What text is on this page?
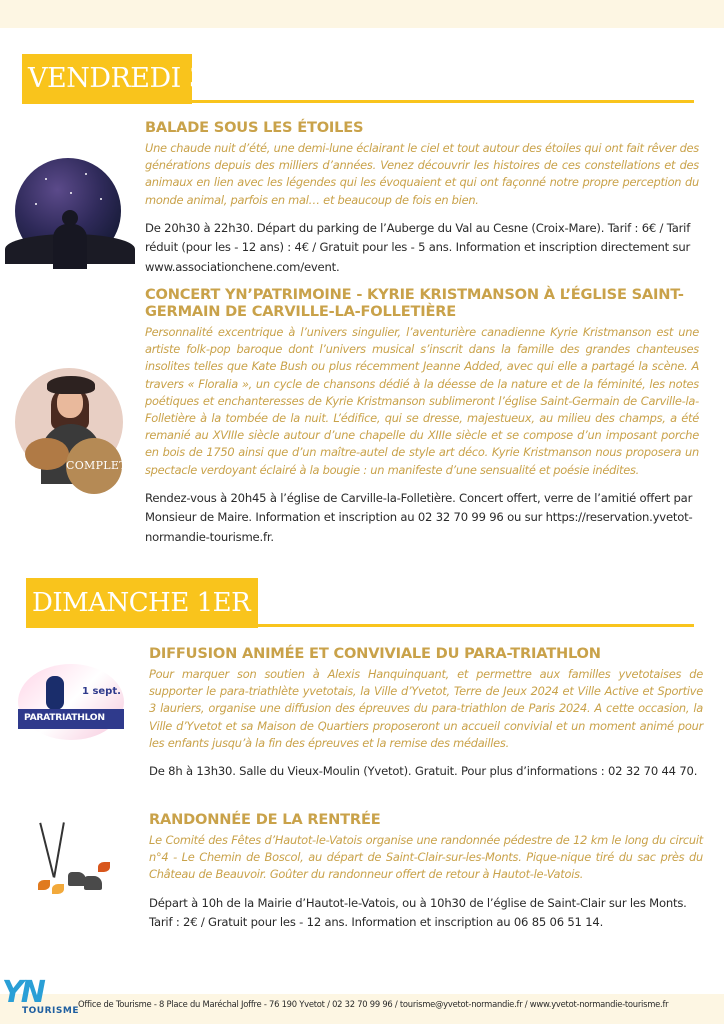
VENDREDI 30 AOÛT
BALADE SOUS LES ÉTOILES
Une chaude nuit d’été, une demi-lune éclairant le ciel et tout autour des étoiles qui ont fait rêver des générations depuis des milliers d’années. Venez découvrir les histoires de ces constellations et des animaux en lien avec les légendes qui les évoquaient et qui ont façonné notre propre perception du monde animal, parfois en mal… et beaucoup de fois en bien.
De 20h30 à 22h30. Départ du parking de l’Auberge du Val au Cesne (Croix-Mare). Tarif : 6€ / Tarif réduit (pour les - 12 ans) : 4€ / Gratuit pour les - 5 ans. Information et inscription directement sur www.associationchene.com/event.
COMPLET
CONCERT YN’PATRIMOINE - KYRIE KRISTMANSON À L’ÉGLISE SAINT-GERMAIN DE CARVILLE-LA-FOLLETIÈRE
Personnalité excentrique à l’univers singulier, l’aventurière canadienne Kyrie Kristmanson est une artiste folk-pop baroque dont l’univers musical s’inscrit dans la famille des grandes chanteuses insolites telles que Kate Bush ou plus récemment Jeanne Added, avec qui elle a partagé la scène. A travers « Floralia », un cycle de chansons dédié à la déesse de la nature et de la féminité, les notes poétiques et enchanteresses de Kyrie Kristmanson sublimeront l’église Saint-Germain de Carville-la-Folletière à la tombée de la nuit. L’édifice, qui se dresse, majestueux, au milieu des champs, a été remanié au XVIIIe siècle autour d’une chapelle du XIIIe siècle et se compose d’un imposant porche en bois de 1750 ainsi que d’un maître-autel de style art déco. Kyrie Kristmanson nous proposera un spectacle verdoyant éclairé à la bougie : un manifeste d’une sensualité et poésie inédites.
Rendez-vous à 20h45 à l’église de Carville-la-Folletière. Concert offert, verre de l’amitié offert par Monsieur de Maire. Information et inscription au 02 32 70 99 96 ou sur https://reservation.yvetot-normandie-tourisme.fr.
DIMANCHE 1ER SEPTEMBRE
1 sept.
PARATRIATHLON
DIFFUSION ANIMÉE ET CONVIVIALE DU PARA-TRIATHLON
Pour marquer son soutien à Alexis Hanquinquant, et permettre aux familles yvetotaises de supporter le para-triathlète yvetotais, la Ville d’Yvetot, Terre de Jeux 2024 et Ville Active et Sportive 3 lauriers, organise une diffusion des épreuves du para-triathlon de Paris 2024. A cette occasion, la Ville d’Yvetot et sa Maison de Quartiers proposeront un accueil convivial et un moment animé pour les enfants jusqu’à la fin des épreuves et la remise des médailles.
De 8h à 13h30. Salle du Vieux-Moulin (Yvetot). Gratuit. Pour plus d’informations : 02 32 70 44 70.
RANDONNÉE DE LA RENTRÉE
Le Comité des Fêtes d’Hautot-le-Vatois organise une randonnée pédestre de 12 km le long du circuit n°4 - Le Chemin de Boscol, au départ de Saint-Clair-sur-les-Monts. Pique-nique tiré du sac près du Château de Beauvoir. Goûter du randonneur offert de retour à Hautot-le-Vatois.
Départ à 10h de la Mairie d’Hautot-le-Vatois, ou à 10h30 de l’église de Saint-Clair sur les Monts. Tarif : 2€ / Gratuit pour les - 12 ans. Information et inscription au 06 85 06 51 14.
YN
TOURISME
Office de Tourisme - 8 Place du Maréchal Joffre - 76 190 Yvetot / 02 32 70 99 96 / tourisme@yvetot-normandie.fr / www.yvetot-normandie-tourisme.fr
